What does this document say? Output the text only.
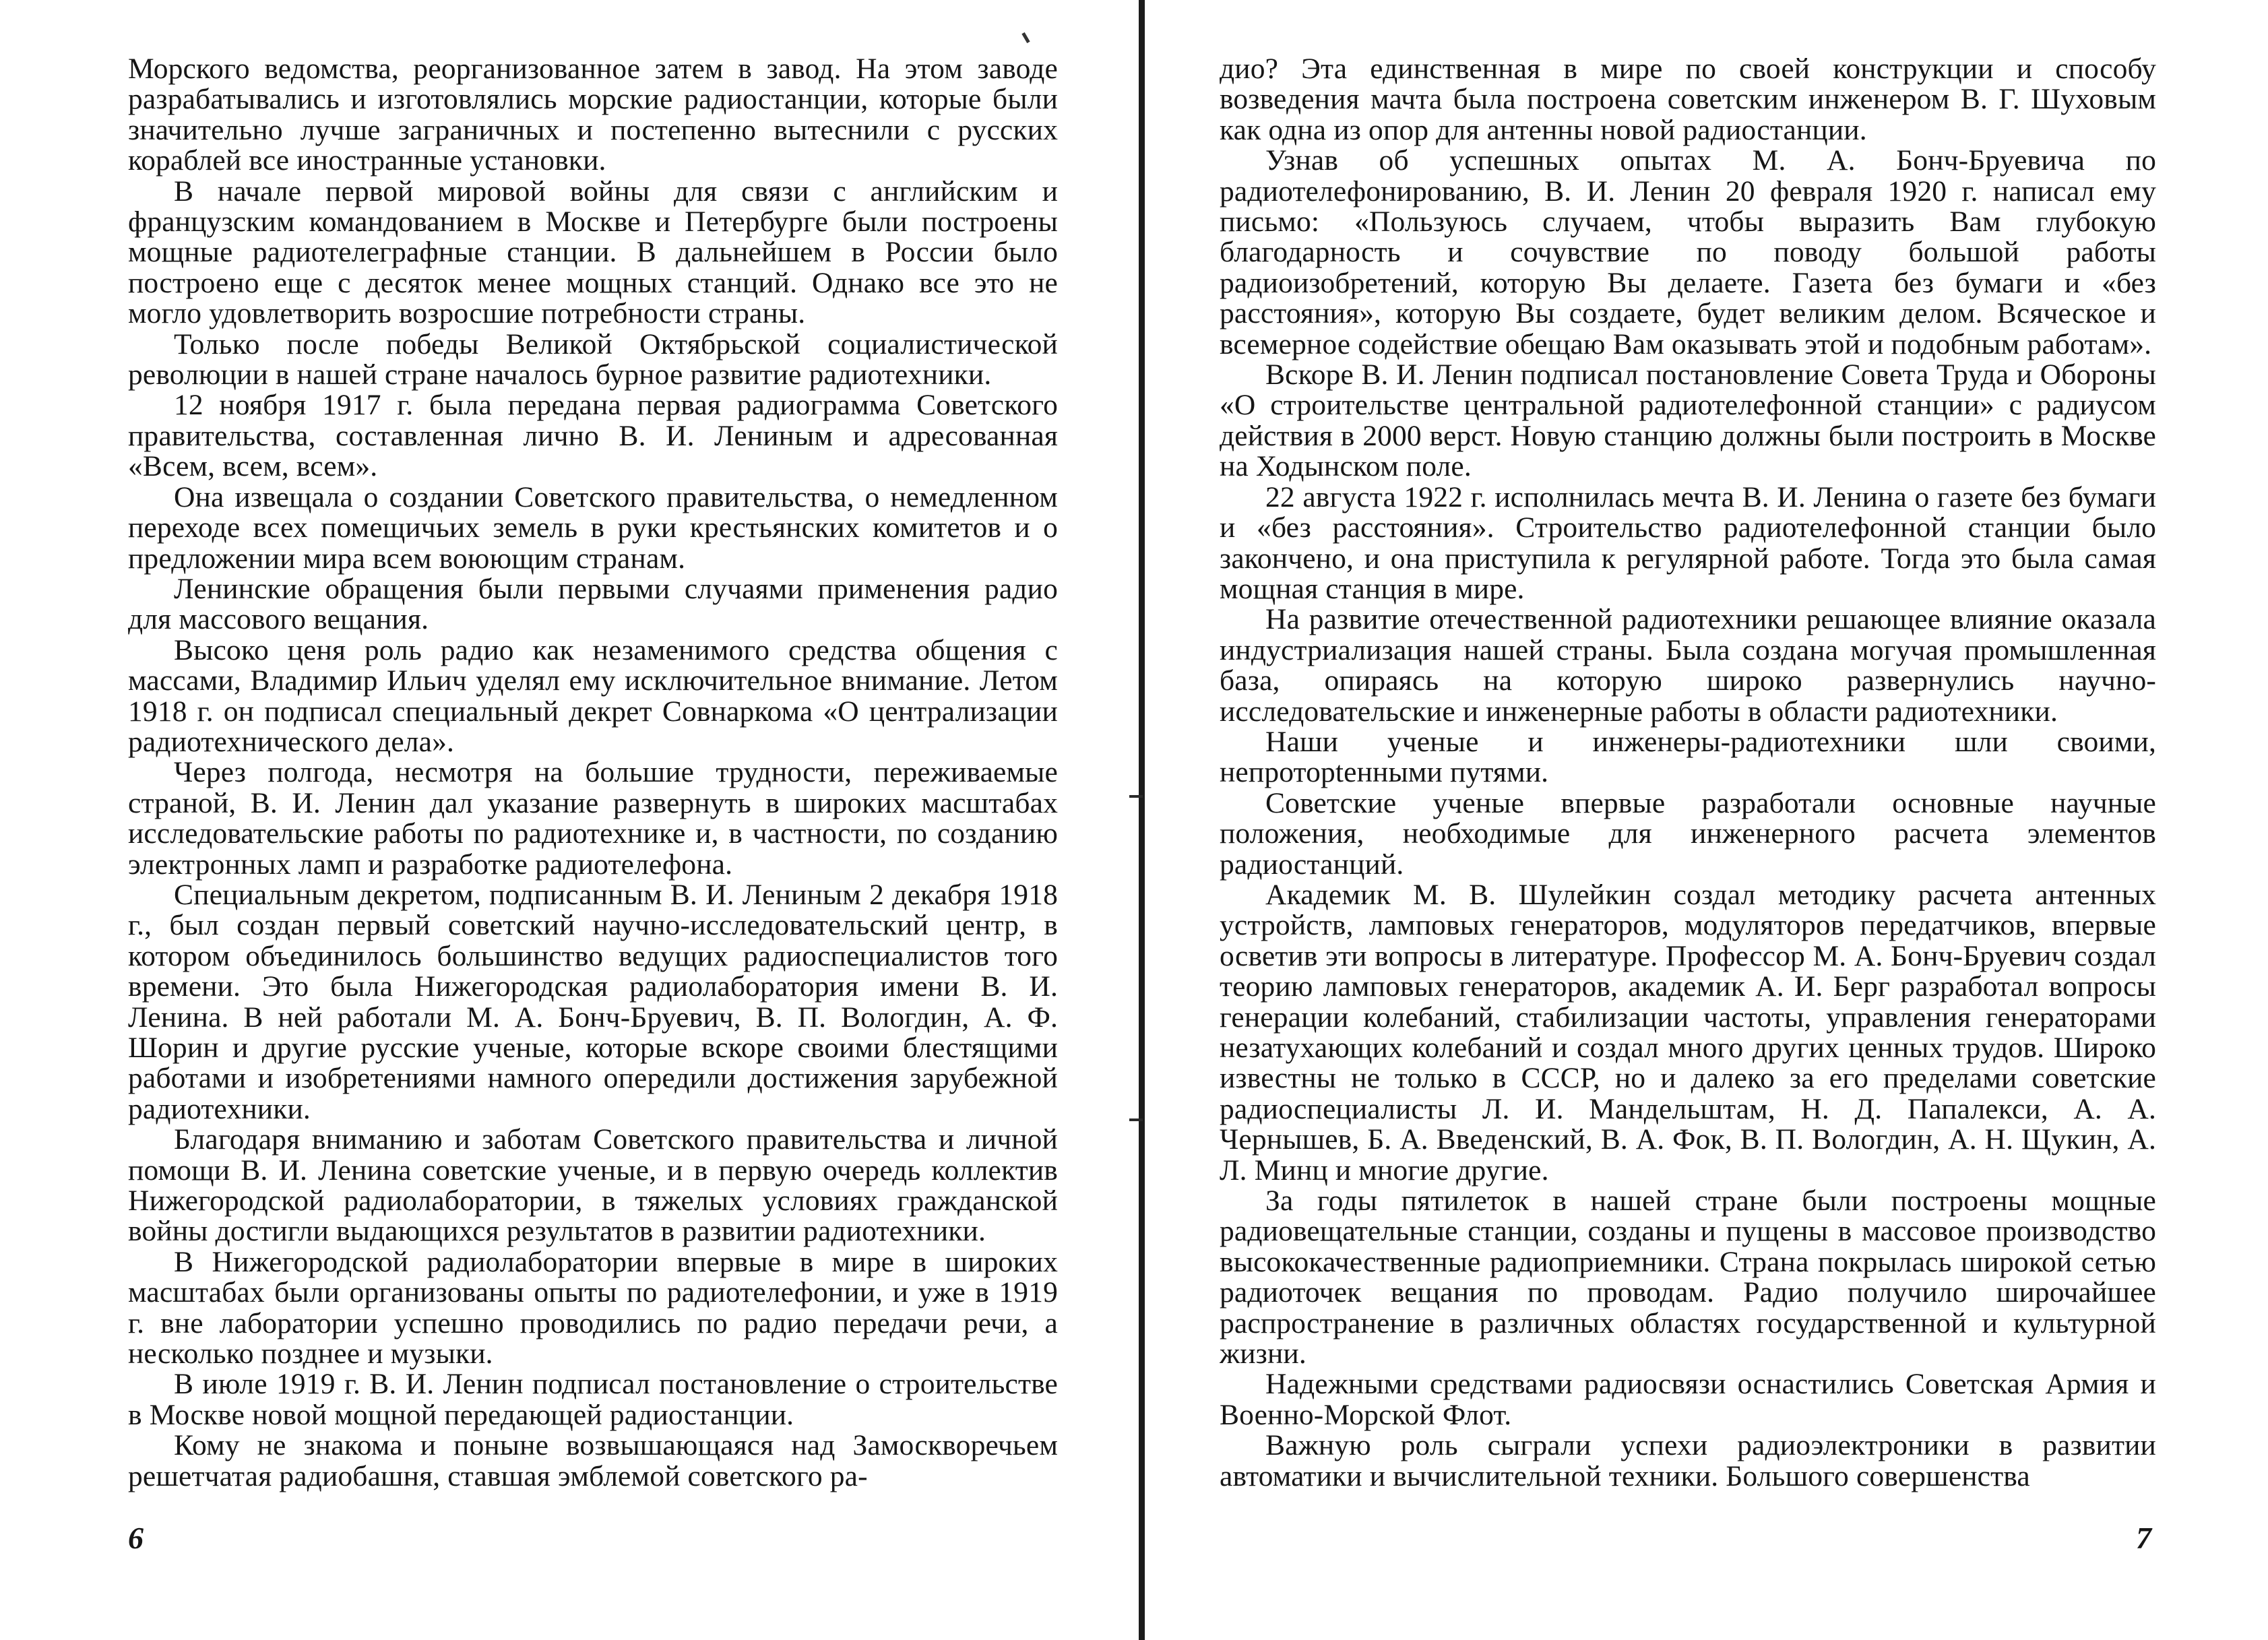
Морского ведомства, реорганизованное затем в завод. На этом заводе разрабатывались и изготовлялись морские радиостанции, которые были значительно лучше заграничных и постепенно вытеснили с русских кораблей все иностранные установки.

В начале первой мировой войны для связи с английским и французским командованием в Москве и Петербурге были построены мощные радиотелеграфные станции. В дальнейшем в России было построено еще с десяток менее мощных станций. Однако все это не могло удовлетворить возросшие потребности страны.

Только после победы Великой Октябрьской социалистической революции в нашей стране началось бурное развитие радиотехники.

12 ноября 1917 г. была передана первая радиограмма Советского правительства, составленная лично В. И. Лениным и адресованная «Всем, всем, всем».

Она извещала о создании Советского правительства, о немедленном переходе всех помещичьих земель в руки крестьянских комитетов и о предложении мира всем воюющим странам.

Ленинские обращения были первыми случаями применения радио для массового вещания.

Высоко ценя роль радио как незаменимого средства общения с массами, Владимир Ильич уделял ему исключительное внимание. Летом 1918 г. он подписал специальный декрет Совнаркома «О централизации радиотехнического дела».

Через полгода, несмотря на большие трудности, переживаемые страной, В. И. Ленин дал указание развернуть в широких масштабах исследовательские работы по радиотехнике и, в частности, по созданию электронных ламп и разработке радиотелефона.

Специальным декретом, подписанным В. И. Лениным 2 декабря 1918 г., был создан первый советский научно-исследовательский центр, в котором объединилось большинство ведущих радиоспециалистов того времени. Это была Нижегородская радиолаборатория имени В. И. Ленина. В ней работали М. А. Бонч-Бруевич, В. П. Вологдин, А. Ф. Шорин и другие русские ученые, которые вскоре своими блестящими работами и изобретениями намного опередили достижения зарубежной радиотехники.

Благодаря вниманию и заботам Советского правительства и личной помощи В. И. Ленина советские ученые, и в первую очередь коллектив Нижегородской радиолаборатории, в тяжелых условиях гражданской войны достигли выдающихся результатов в развитии радиотехники.

В Нижегородской радиолаборатории впервые в мире в широких масштабах были организованы опыты по радиотелефонии, и уже в 1919 г. вне лаборатории успешно проводились по радио передачи речи, а несколько позднее и музыки.

В июле 1919 г. В. И. Ленин подписал постановление о строительстве в Москве новой мощной передающей радиостанции.

Кому не знакома и поныне возвышающаяся над Замоскворечьем решетчатая радиобашня, ставшая эмблемой советского ра-

6

дио? Эта единственная в мире по своей конструкции и способу возведения мачта была построена советским инженером В. Г. Шуховым как одна из опор для антенны новой радиостанции.

Узнав об успешных опытах М. А. Бонч-Бруевича по радиотелефонированию, В. И. Ленин 20 февраля 1920 г. написал ему письмо: «Пользуюсь случаем, чтобы выразить Вам глубокую благодарность и сочувствие по поводу большой работы радиоизобретений, которую Вы делаете. Газета без бумаги и «без расстояния», которую Вы создаете, будет великим делом. Всяческое и всемерное содействие обещаю Вам оказывать этой и подобным работам».

Вскоре В. И. Ленин подписал постановление Совета Труда и Обороны «О строительстве центральной радиотелефонной станции» с радиусом действия в 2000 верст. Новую станцию должны были построить в Москве на Ходынском поле.

22 августа 1922 г. исполнилась мечта В. И. Ленина о газете без бумаги и «без расстояния». Строительство радиотелефонной станции было закончено, и она приступила к регулярной работе. Тогда это была самая мощная станция в мире.

На развитие отечественной радиотехники решающее влияние оказала индустриализация нашей страны. Была создана могучая промышленная база, опираясь на которую широко развернулись научно-исследовательские и инженерные работы в области радиотехники.

Наши ученые и инженеры-радиотехники шли своими, непротоptенными путями.

Советские ученые впервые разработали основные научные положения, необходимые для инженерного расчета элементов радиостанций.

Академик М. В. Шулейкин создал методику расчета антенных устройств, ламповых генераторов, модуляторов передатчиков, впервые осветив эти вопросы в литературе. Профессор М. А. Бонч-Бруевич создал теорию ламповых генераторов, академик А. И. Берг разработал вопросы генерации колебаний, стабилизации частоты, управления генераторами незатухающих колебаний и создал много других ценных трудов. Широко известны не только в СССР, но и далеко за его пределами советские радиоспециалисты Л. И. Мандельштам, Н. Д. Папалекси, А. А. Чернышев, Б. А. Введенский, В. А. Фок, В. П. Вологдин, А. Н. Щукин, А. Л. Минц и многие другие.

За годы пятилеток в нашей стране были построены мощные радиовещательные станции, созданы и пущены в массовое производство высококачественные радиоприемники. Страна покрылась широкой сетью радиоточек вещания по проводам. Радио получило широчайшее распространение в различных областях государственной и культурной жизни.

Надежными средствами радиосвязи оснастились Советская Армия и Военно-Морской Флот.

Важную роль сыграли успехи радиоэлектроники в развитии автоматики и вычислительной техники. Большого совершенства

7
